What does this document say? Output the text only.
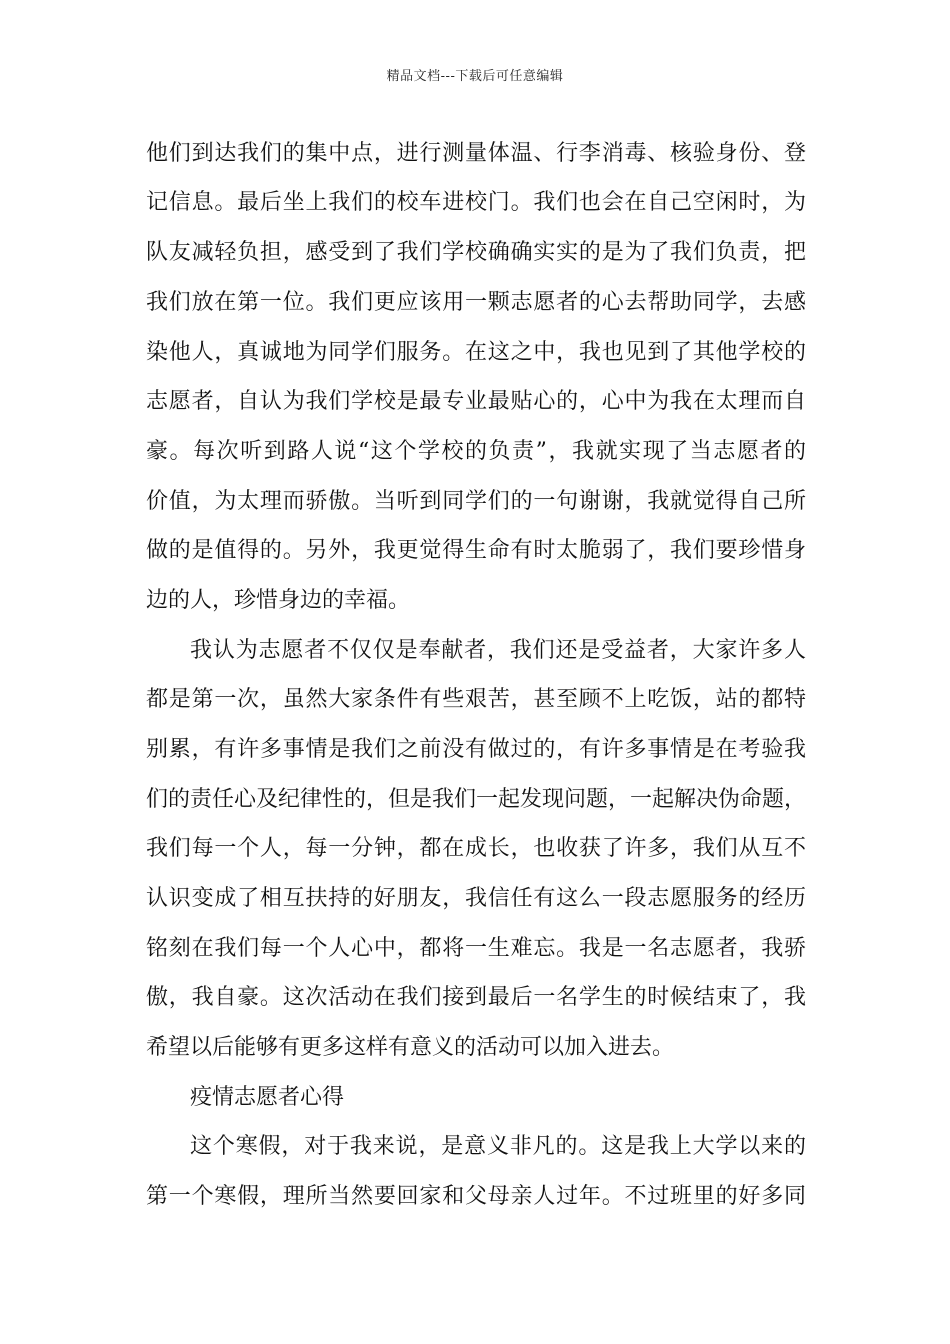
精品文档---下载后可任意编辑
他们到达我们的集中点，进行测量体温、行李消毒、核验身份、登
记信息。最后坐上我们的校车进校门。我们也会在自己空闲时，为
队友减轻负担，感受到了我们学校确确实实的是为了我们负责，把
我们放在第一位。我们更应该用一颗志愿者的心去帮助同学，去感
染他人，真诚地为同学们服务。在这之中，我也见到了其他学校的
志愿者，自认为我们学校是最专业最贴心的，心中为我在太理而自
豪。每次听到路人说“这个学校的负责”，我就实现了当志愿者的
价值，为太理而骄傲。当听到同学们的一句谢谢，我就觉得自己所
做的是值得的。另外，我更觉得生命有时太脆弱了，我们要珍惜身
边的人，珍惜身边的幸福。
我认为志愿者不仅仅是奉献者，我们还是受益者，大家许多人
都是第一次，虽然大家条件有些艰苦，甚至顾不上吃饭，站的都特
别累，有许多事情是我们之前没有做过的，有许多事情是在考验我
们的责任心及纪律性的，但是我们一起发现问题，一起解决伪命题，
我们每一个人，每一分钟，都在成长，也收获了许多，我们从互不
认识变成了相互扶持的好朋友，我信任有这么一段志愿服务的经历
铭刻在我们每一个人心中，都将一生难忘。我是一名志愿者，我骄
傲，我自豪。这次活动在我们接到最后一名学生的时候结束了，我
希望以后能够有更多这样有意义的活动可以加入进去。
疫情志愿者心得
这个寒假，对于我来说，是意义非凡的。这是我上大学以来的
第一个寒假，理所当然要回家和父母亲人过年。不过班里的好多同
